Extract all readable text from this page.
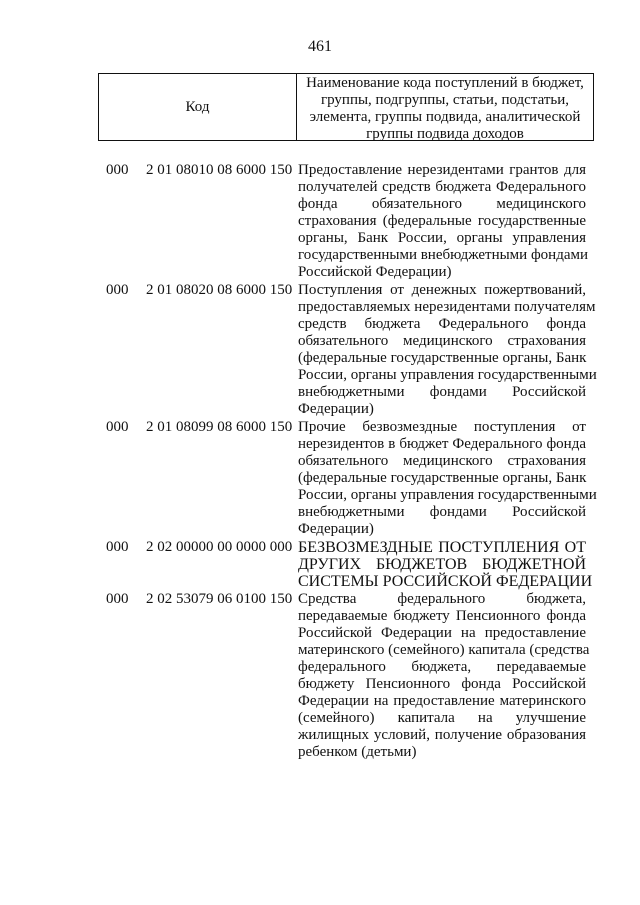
461
Код
Наименование кода поступлений в бюджет,
группы, подгруппы, статьи, подстатьи,
элемента, группы подвида, аналитической
группы подвида доходов
000	2 01 08010 08 6000 150 Предоставление нерезидентами грантов для
получателей средств бюджета Федерального
фонда обязательного медицинского
страхования (федеральные государственные
органы, Банк России, органы управления
государственными внебюджетными фондами
Российской Федерации)
000	2 01 08020 08 6000 150 Поступления от денежных пожертвований,
предоставляемых нерезидентами получателям
средств бюджета Федерального фонда
обязательного медицинского страхования
(федеральные государственные органы, Банк
России, органы управления государственными
внебюджетными фондами Российской
Федерации)
000	2 01 08099 08 6000 150 Прочие безвозмездные поступления от
нерезидентов в бюджет Федерального фонда
обязательного медицинского страхования
(федеральные государственные органы, Банк
России, органы управления государственными
внебюджетными фондами Российской
Федерации)
000	2 02 00000 00 0000 000 БЕЗВОЗМЕЗДНЫЕ ПОСТУПЛЕНИЯ ОТ
ДРУГИХ БЮДЖЕТОВ БЮДЖЕТНОЙ
СИСТЕМЫ РОССИЙСКОЙ ФЕДЕРАЦИИ
000	2 02 53079 06 0100 150 Средства федерального бюджета,
передаваемые бюджету Пенсионного фонда
Российской Федерации на предоставление
материнского (семейного) капитала (средства
федерального бюджета, передаваемые
бюджету Пенсионного фонда Российской
Федерации на предоставление материнского
(семейного) капитала на улучшение
жилищных условий, получение образования
ребенком (детьми)
